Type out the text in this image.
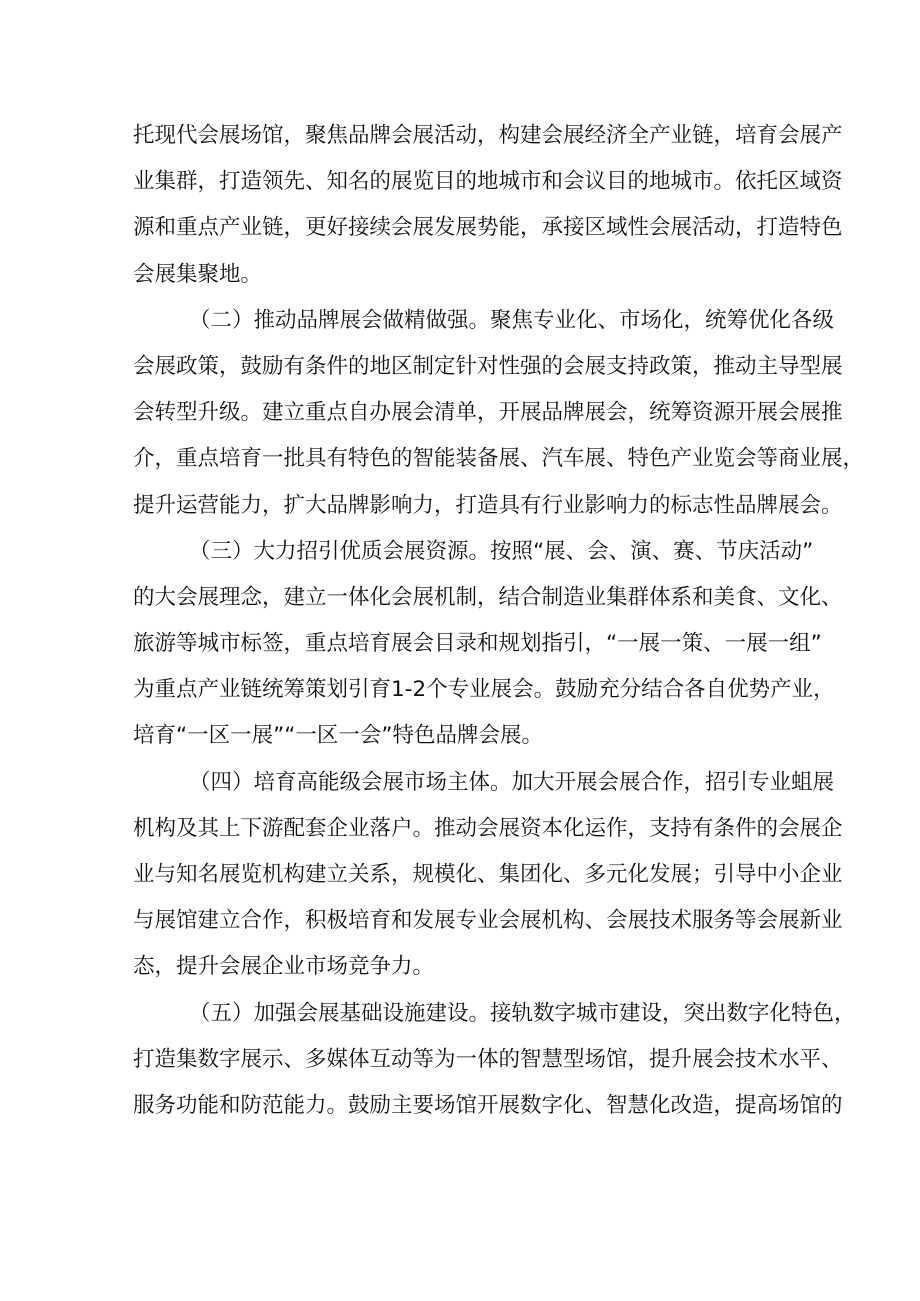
托现代会展场馆，聚焦品牌会展活动，构建会展经济全产业链，培育会展产
业集群，打造领先、知名的展览目的地城市和会议目的地城市。依托区域资
源和重点产业链，更好接续会展发展势能，承接区域性会展活动，打造特色
会展集聚地。
（二）推动品牌展会做精做强。聚焦专业化、市场化，统筹优化各级
会展政策，鼓励有条件的地区制定针对性强的会展支持政策，推动主导型展
会转型升级。建立重点自办展会清单，开展品牌展会，统筹资源开展会展推
介，重点培育一批具有特色的智能装备展、汽车展、特色产业览会等商业展，
提升运营能力，扩大品牌影响力，打造具有行业影响力的标志性品牌展会。
（三）大力招引优质会展资源。按照“展、会、演、赛、节庆活动”
的大会展理念，建立一体化会展机制，结合制造业集群体系和美食、文化、
旅游等城市标签，重点培育展会目录和规划指引，“一展一策、一展一组”
为重点产业链统筹策划引育1-2个专业展会。鼓励充分结合各自优势产业，
培育“一区一展”“一区一会”特色品牌会展。
（四）培育高能级会展市场主体。加大开展会展合作，招引专业蛆展
机构及其上下游配套企业落户。推动会展资本化运作，支持有条件的会展企
业与知名展览机构建立关系，规模化、集团化、多元化发展；引导中小企业
与展馆建立合作，积极培育和发展专业会展机构、会展技术服务等会展新业
态，提升会展企业市场竞争力。
（五）加强会展基础设施建设。接轨数字城市建设，突出数字化特色，
打造集数字展示、多媒体互动等为一体的智慧型场馆，提升展会技术水平、
服务功能和防范能力。鼓励主要场馆开展数字化、智慧化改造，提高场馆的
